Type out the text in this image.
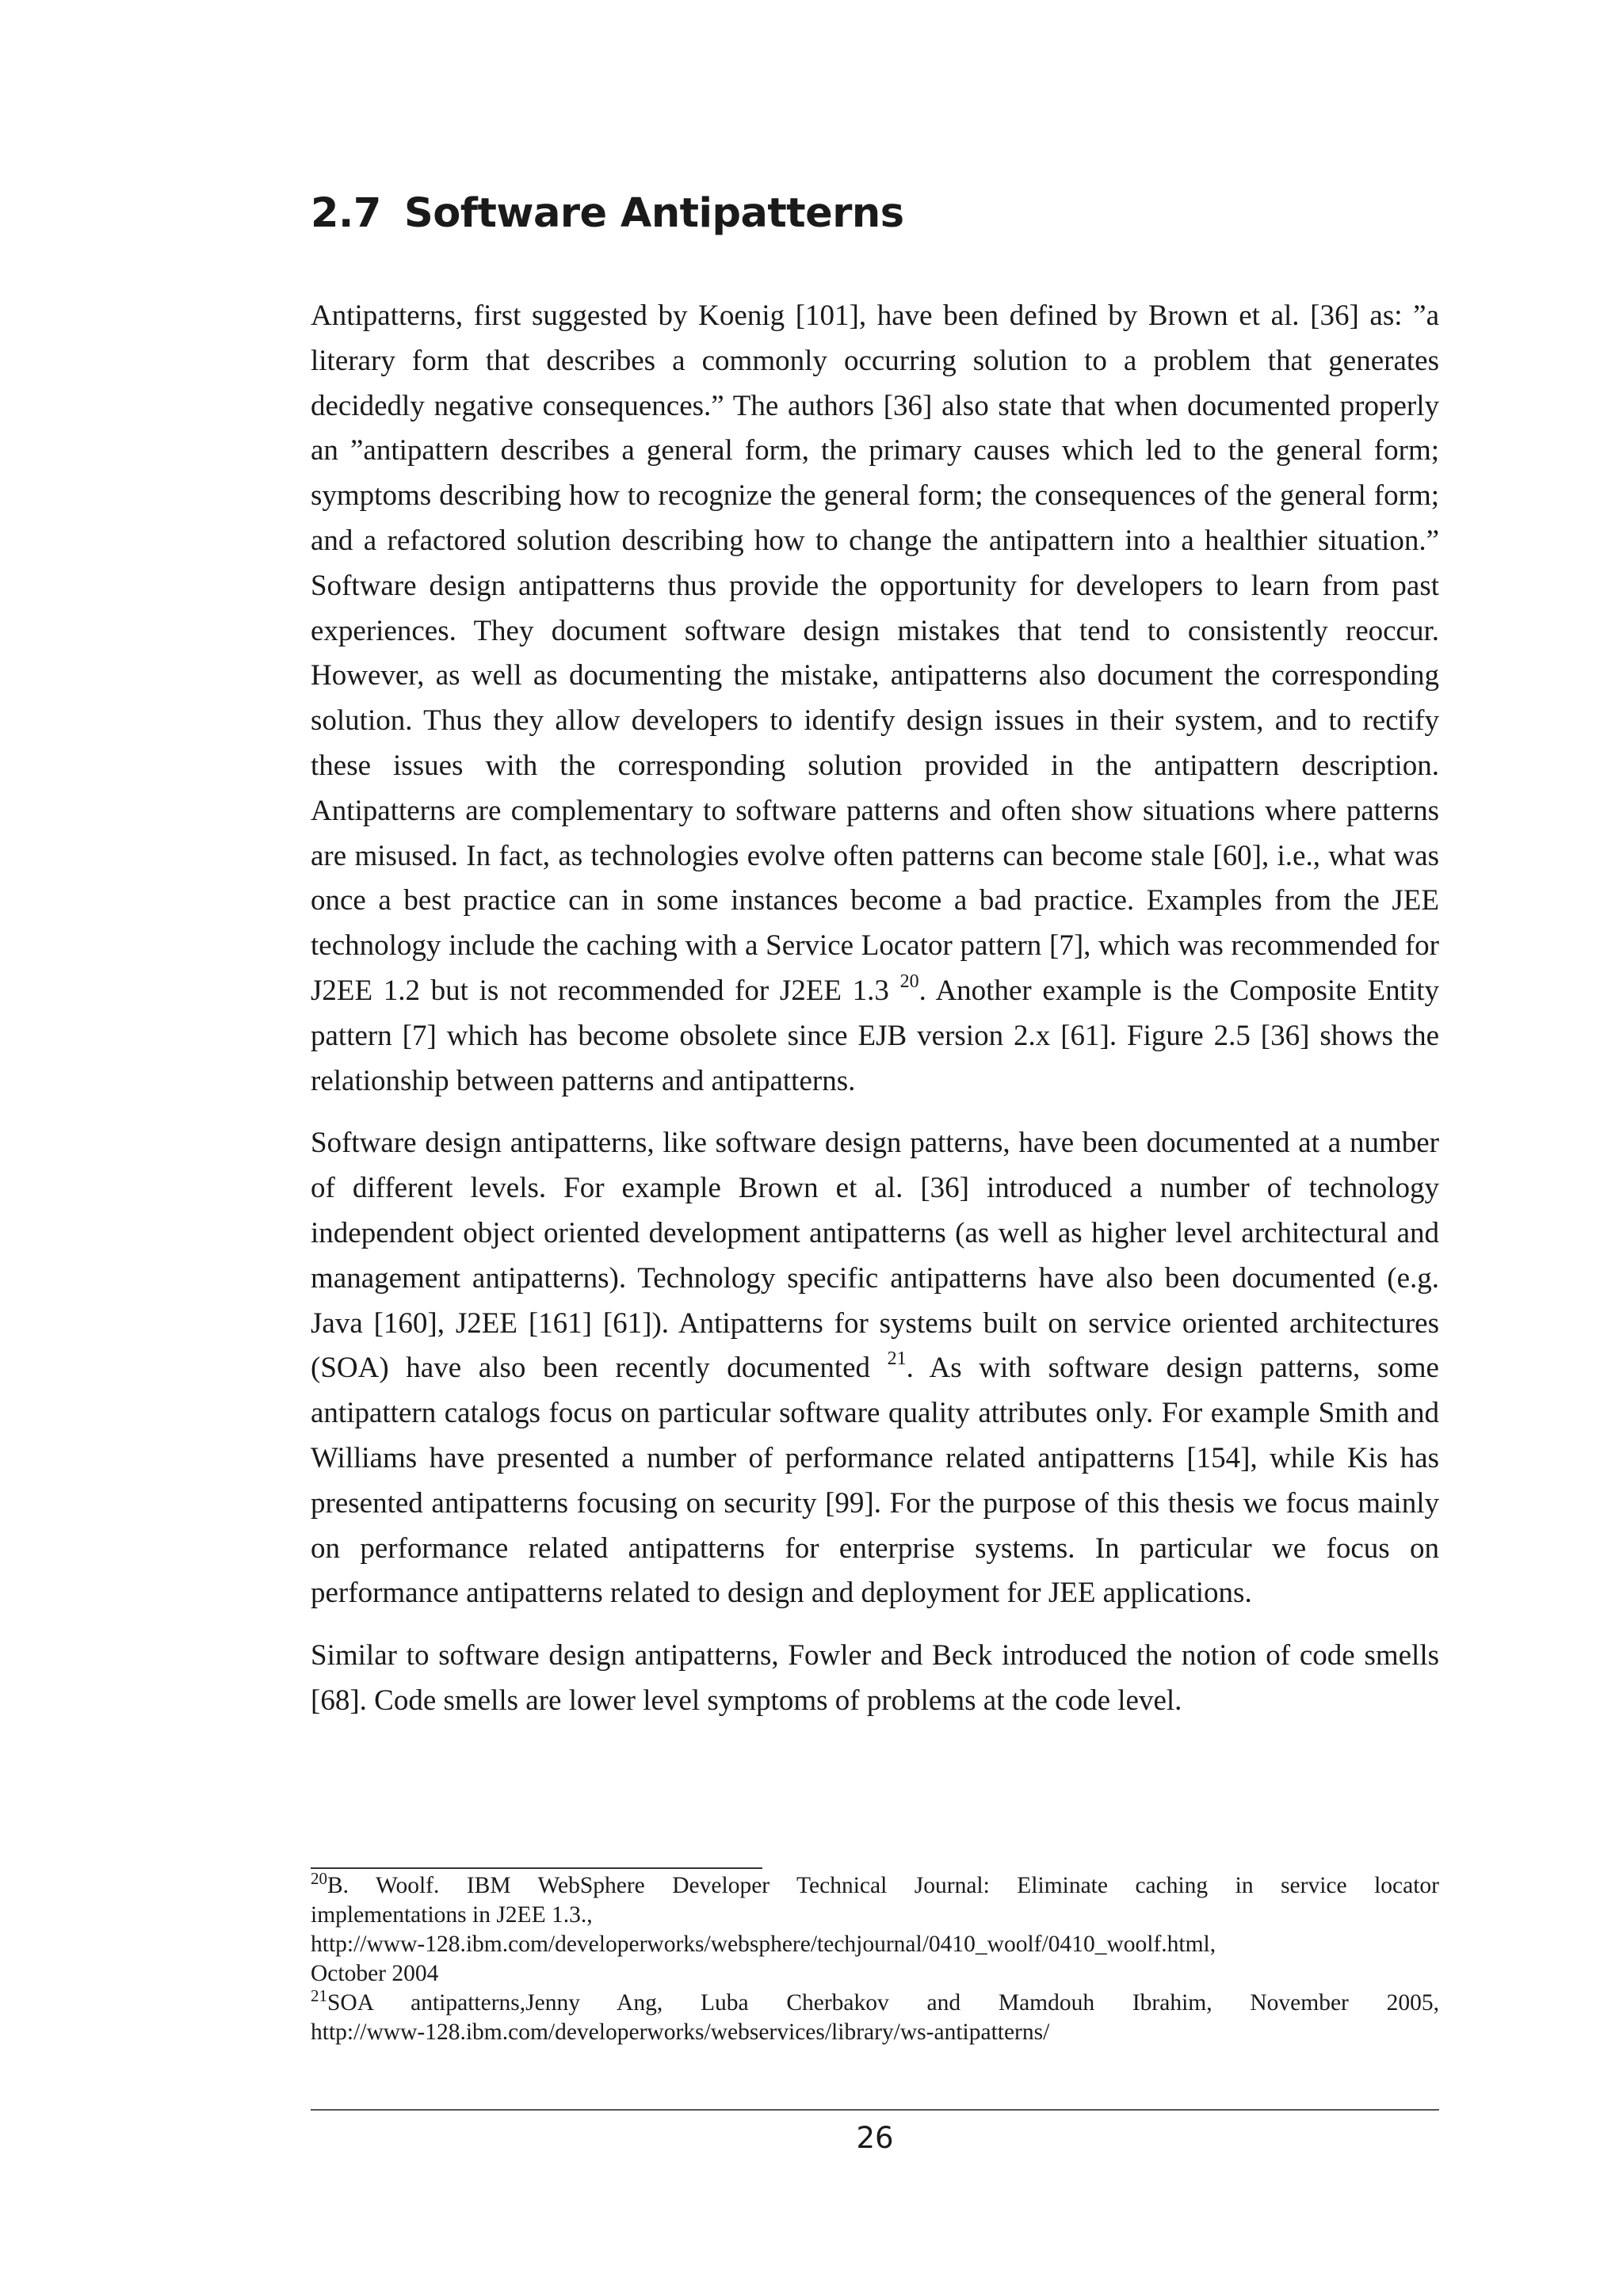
2.7 Software Antipatterns

Antipatterns, first suggested by Koenig [101], have been defined by Brown et al. [36] as: ”a literary form that describes a commonly occurring solution to a problem that generates decidedly negative consequences.” The authors [36] also state that when documented properly an ”antipattern describes a general form, the primary causes which led to the general form; symptoms describing how to recognize the general form; the consequences of the general form; and a refactored solution describing how to change the antipattern into a healthier situation.” Software design antipatterns thus provide the opportunity for developers to learn from past experiences. They document software design mistakes that tend to consistently reoccur. However, as well as documenting the mistake, antipatterns also document the corresponding solution. Thus they allow developers to identify design issues in their system, and to rectify these issues with the corresponding solution provided in the antipattern description. Antipatterns are complementary to software patterns and often show situations where patterns are misused. In fact, as technologies evolve often patterns can become stale [60], i.e., what was once a best practice can in some instances become a bad practice. Examples from the JEE technology include the caching with a Service Locator pattern [7], which was recommended for J2EE 1.2 but is not recommended for J2EE 1.3 $^{20}$. Another example is the Composite Entity pattern [7] which has become obsolete since EJB version 2.x [61]. Figure 2.5 [36] shows the relationship between patterns and antipatterns.

Software design antipatterns, like software design patterns, have been documented at a number of different levels. For example Brown et al. [36] introduced a number of technology independent object oriented development antipatterns (as well as higher level architectural and management antipatterns). Technology specific antipatterns have also been documented (e.g. Java [160], J2EE [161] [61]). Antipatterns for systems built on service oriented architectures (SOA) have also been recently documented $^{21}$. As with software design patterns, some antipattern catalogs focus on particular software quality attributes only. For example Smith and Williams have presented a number of performance related antipatterns [154], while Kis has presented antipatterns focusing on security [99]. For the purpose of this thesis we focus mainly on performance related antipatterns for enterprise systems. In particular we focus on performance antipatterns related to design and deployment for JEE applications.

Similar to software design antipatterns, Fowler and Beck introduced the notion of code smells [68]. Code smells are lower level symptoms of problems at the code level.

$^{20}$B. Woolf. IBM WebSphere Developer Technical Journal: Eliminate caching in service locator
implementations in J2EE 1.3.,
http://www-128.ibm.com/developerworks/websphere/techjournal/0410_woolf/0410_woolf.html,
October 2004
$^{21}$SOA antipatterns,Jenny Ang, Luba Cherbakov and Mamdouh Ibrahim, November 2005,
http://www-128.ibm.com/developerworks/webservices/library/ws-antipatterns/
26
